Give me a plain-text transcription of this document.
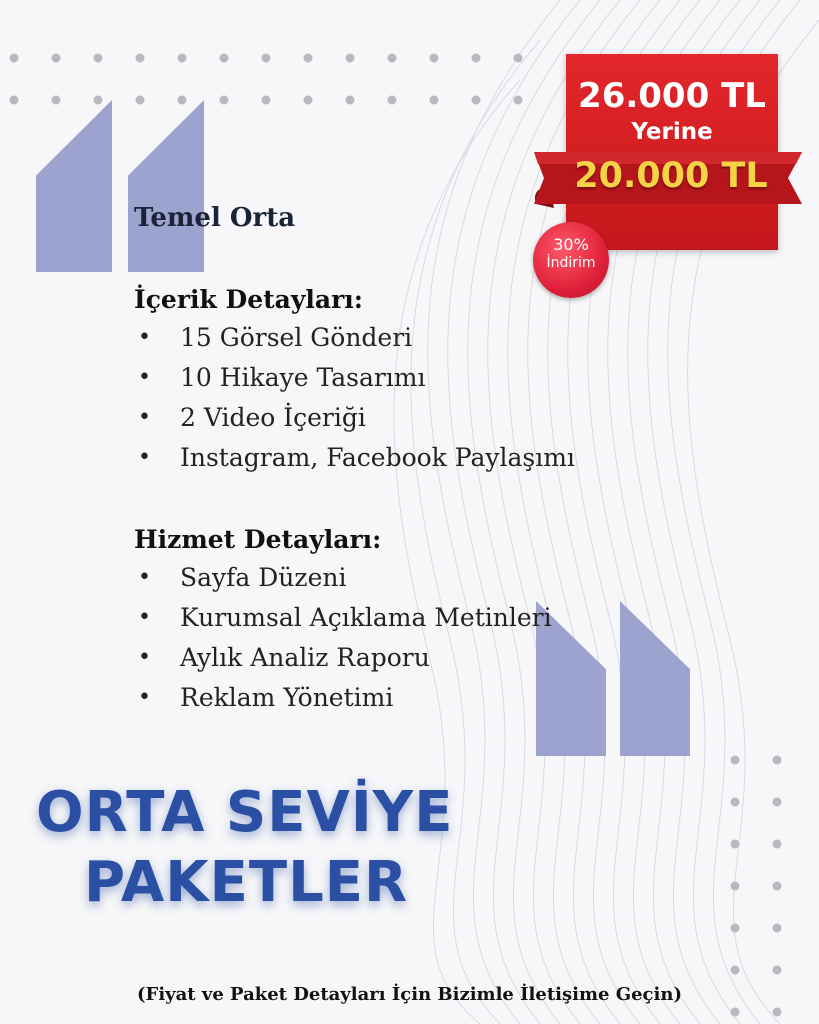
Temel Orta
İçerik Detayları:
• 15 Görsel Gönderi
• 10 Hikaye Tasarımı
• 2 Video İçeriği
• Instagram, Facebook Paylaşımı
Hizmet Detayları:
• Sayfa Düzeni
• Kurumsal Açıklama Metinleri
• Aylık Analiz Raporu
• Reklam Yönetimi
ORTA SEVİYE
PAKETLER

(Fiyat ve Paket Detayları İçin Bizimle İletişime Geçin)

26.000 TL

Yerine

20.000 TL

30%
İndirim
